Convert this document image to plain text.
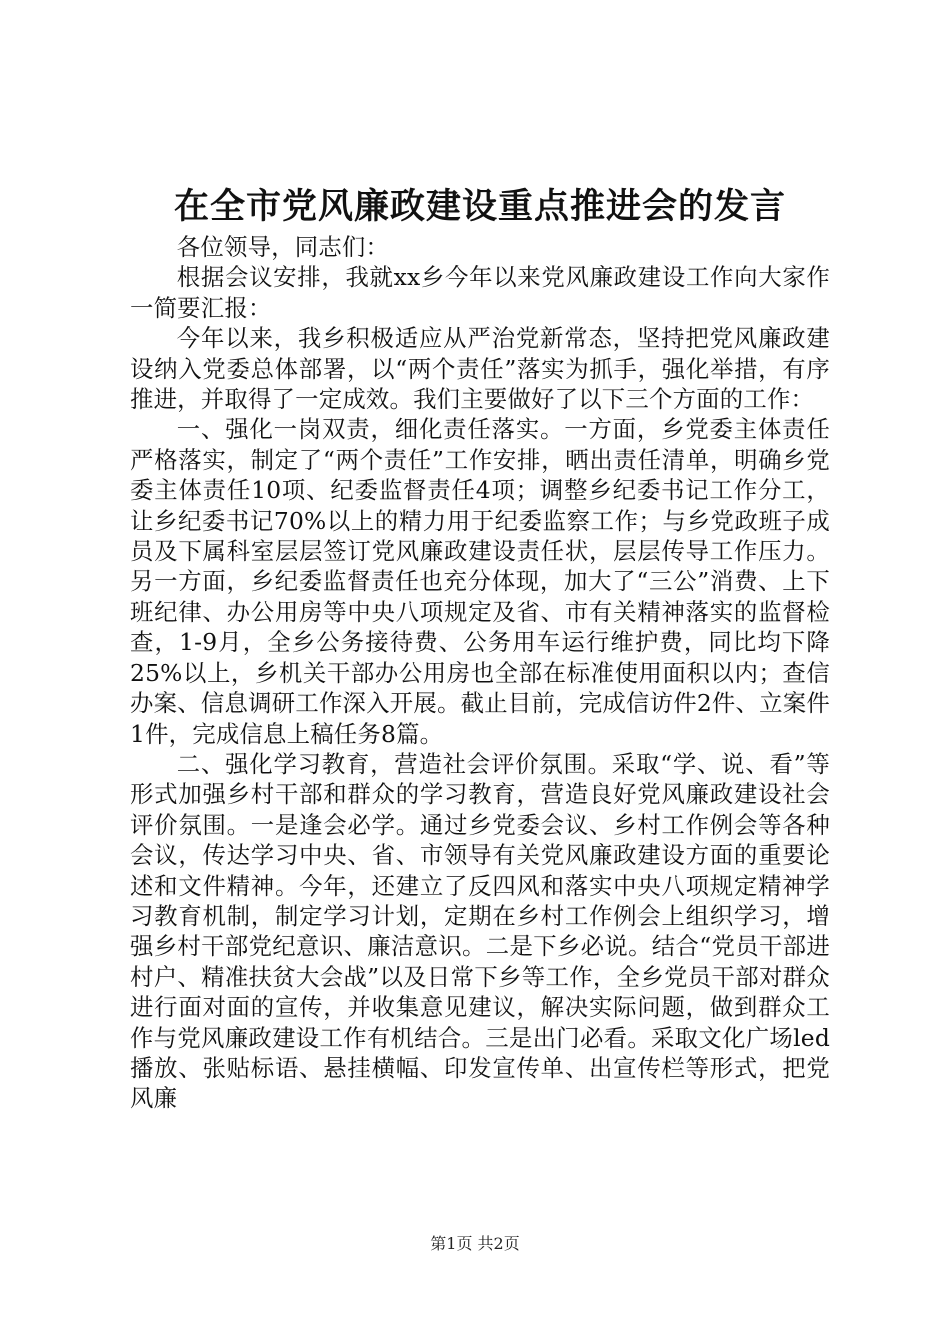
在全市党风廉政建设重点推进会的发言

各位领导，同志们：

根据会议安排，我就xx乡今年以来党风廉政建设工作向大家作一简要汇报：

今年以来，我乡积极适应从严治党新常态，坚持把党风廉政建设纳入党委总体部署，以“两个责任”落实为抓手，强化举措，有序推进，并取得了一定成效。我们主要做好了以下三个方面的工作：

一、强化一岗双责，细化责任落实。一方面，乡党委主体责任严格落实，制定了“两个责任”工作安排，晒出责任清单，明确乡党委主体责任10项、纪委监督责任4项；调整乡纪委书记工作分工，让乡纪委书记70%以上的精力用于纪委监察工作；与乡党政班子成员及下属科室层层签订党风廉政建设责任状，层层传导工作压力。另一方面，乡纪委监督责任也充分体现，加大了“三公”消费、上下班纪律、办公用房等中央八项规定及省、市有关精神落实的监督检查，1-9月，全乡公务接待费、公务用车运行维护费，同比均下降25%以上，乡机关干部办公用房也全部在标准使用面积以内；查信办案、信息调研工作深入开展。截止目前，完成信访件2件、立案件1件，完成信息上稿任务8篇。

二、强化学习教育，营造社会评价氛围。采取“学、说、看”等形式加强乡村干部和群众的学习教育，营造良好党风廉政建设社会评价氛围。一是逢会必学。通过乡党委会议、乡村工作例会等各种会议，传达学习中央、省、市领导有关党风廉政建设方面的重要论述和文件精神。今年，还建立了反四风和落实中央八项规定精神学习教育机制，制定学习计划，定期在乡村工作例会上组织学习，增强乡村干部党纪意识、廉洁意识。二是下乡必说。结合“党员干部进村户、精准扶贫大会战”以及日常下乡等工作，全乡党员干部对群众进行面对面的宣传，并收集意见建议，解决实际问题，做到群众工作与党风廉政建设工作有机结合。三是出门必看。采取文化广场led播放、张贴标语、悬挂横幅、印发宣传单、出宣传栏等形式，把党风廉

第1页 共2页
